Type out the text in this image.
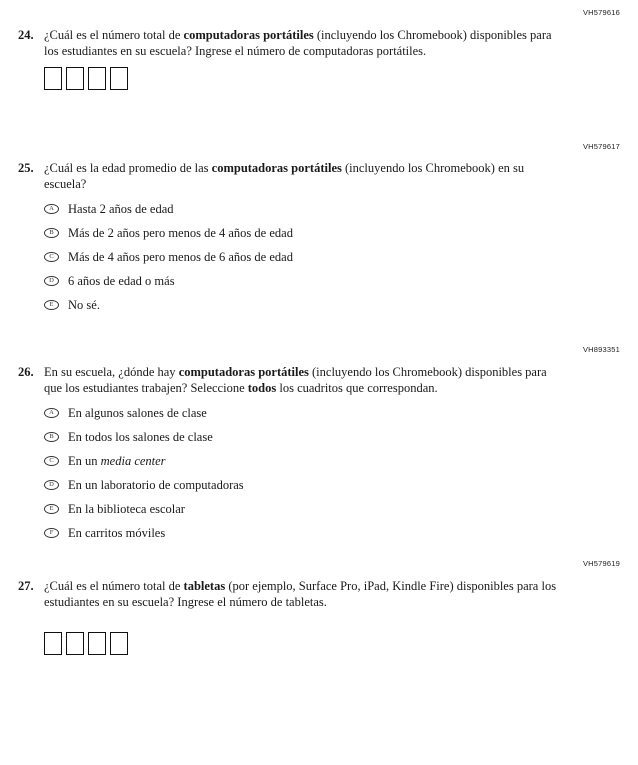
VH579616
24. ¿Cuál es el número total de computadoras portátiles (incluyendo los Chromebook) disponibles para los estudiantes en su escuela? Ingrese el número de computadoras portátiles.
VH579617
25. ¿Cuál es la edad promedio de las computadoras portátiles (incluyendo los Chromebook) en su escuela?
A	Hasta 2 años de edad
B	Más de 2 años pero menos de 4 años de edad
C	Más de 4 años pero menos de 6 años de edad
D	6 años de edad o más
E	No sé.
VH893351
26. En su escuela, ¿dónde hay computadoras portátiles (incluyendo los Chromebook) disponibles para que los estudiantes trabajen? Seleccione todos los cuadritos que correspondan.
A	En algunos salones de clase
B	En todos los salones de clase
C	En un media center
D	En un laboratorio de computadoras
E	En la biblioteca escolar
F	En carritos móviles
VH579619
27. ¿Cuál es el número total de tabletas (por ejemplo, Surface Pro, iPad, Kindle Fire) disponibles para los estudiantes en su escuela? Ingrese el número de tabletas.
